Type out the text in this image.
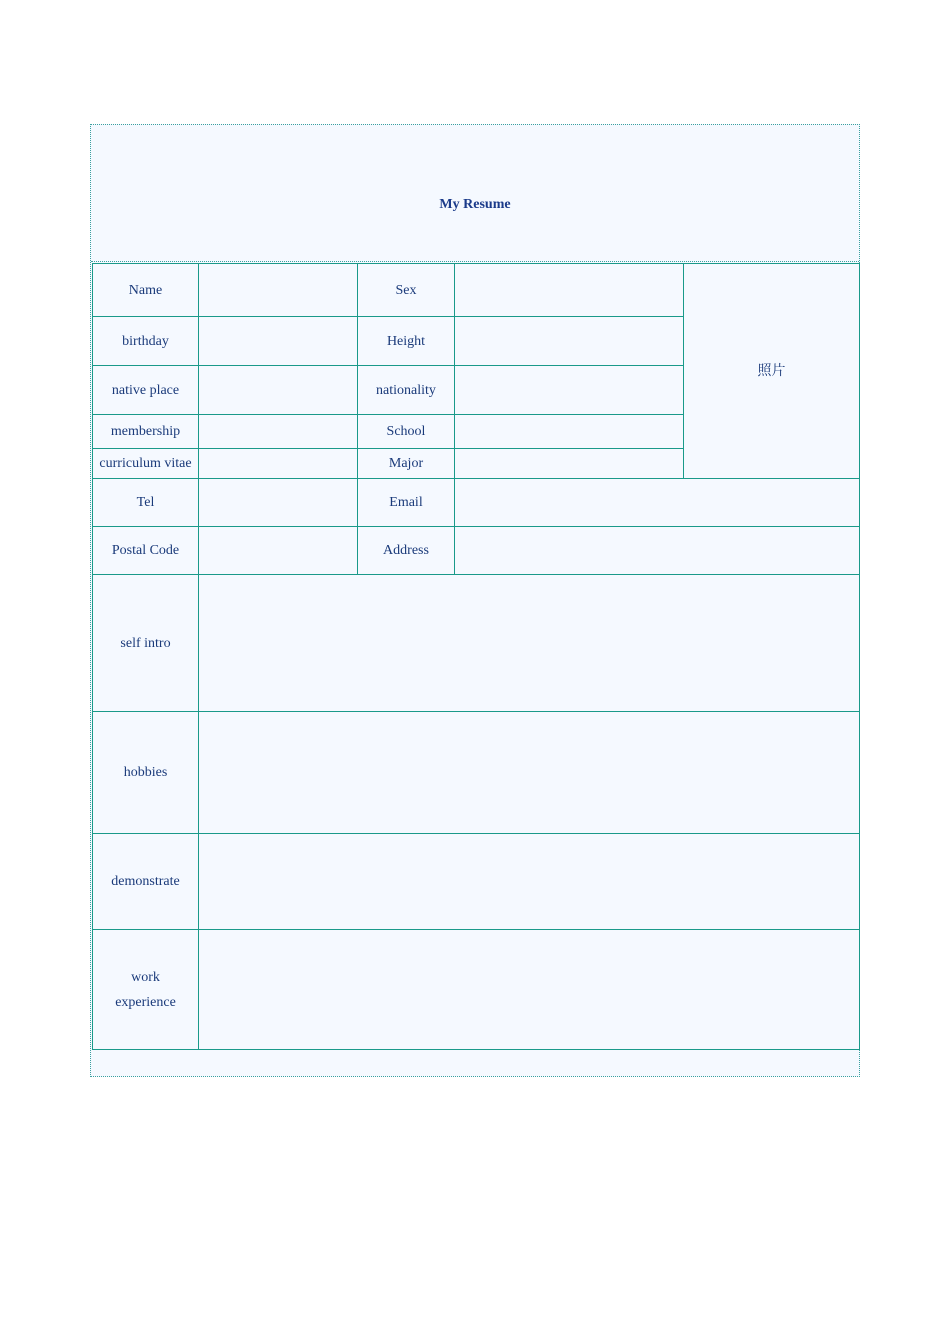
My Resume
Name		Sex		照片
birthday		Height		
native place		nationality		
membership		School		
curriculum vitae		Major		
Tel		Email		
Postal Code		Address		
self intro				
hobbies				
demonstrate				
work
experience				
